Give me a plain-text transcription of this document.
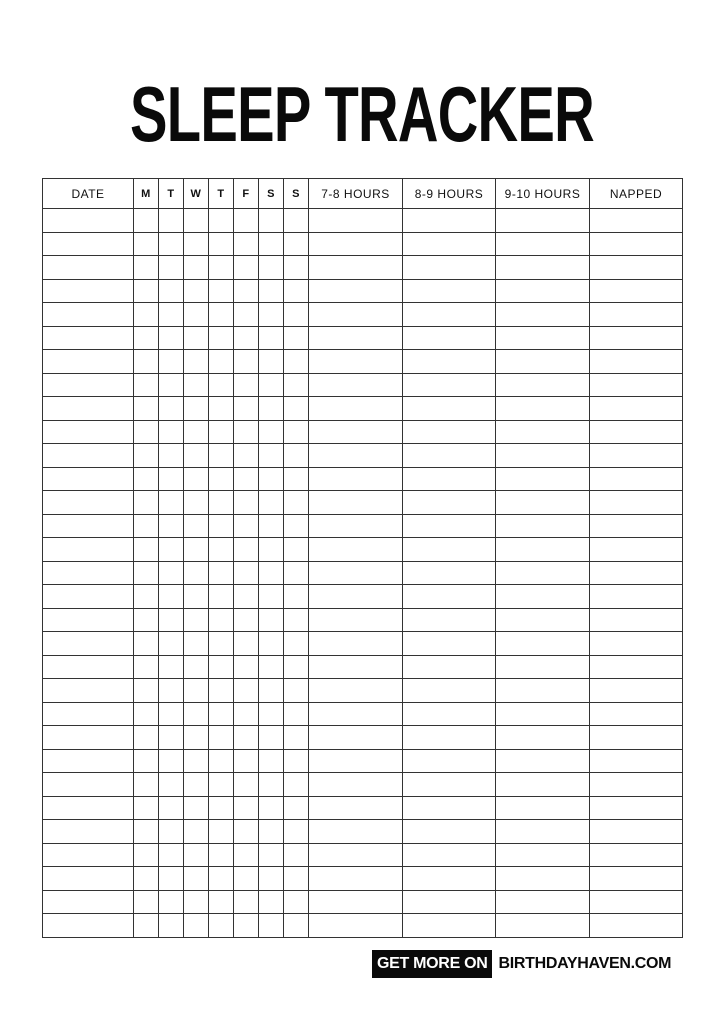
SLEEP TRACKER
DATE	M	T	W	T	F	S	S	7-8 HOURS	8-9 HOURS	9-10 HOURS	NAPPED

GET MORE ON BIRTHDAYHAVEN.COM
